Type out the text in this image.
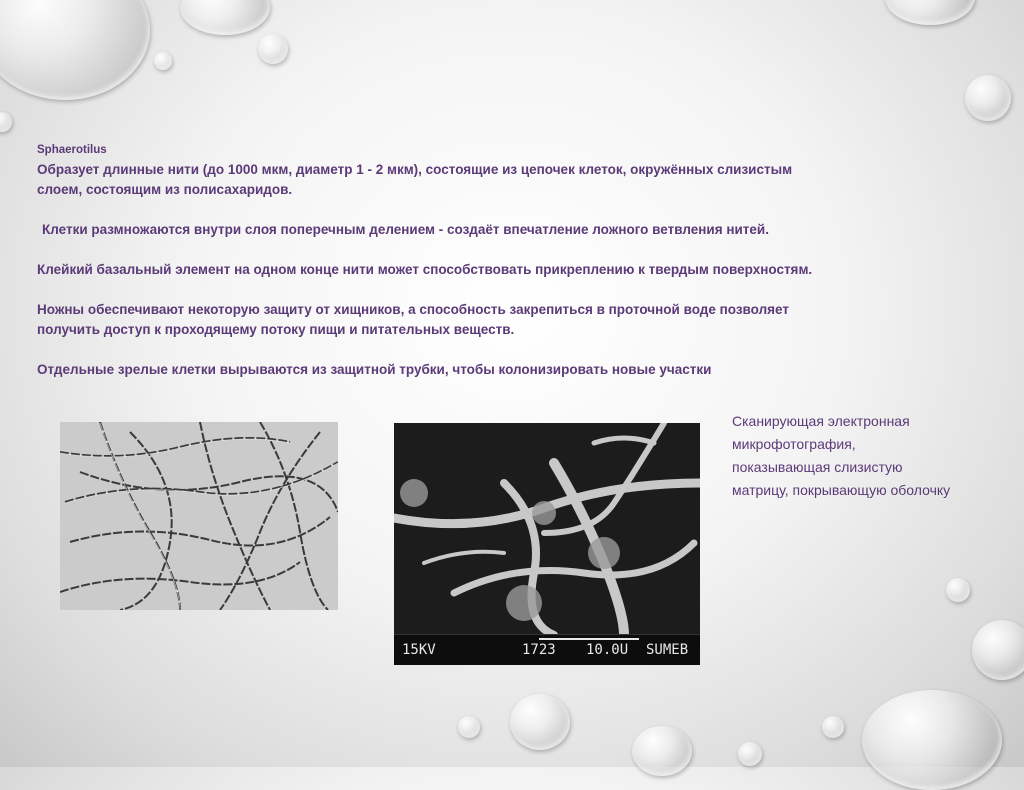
Sphaerotilus

Образует длинные нити (до 1000 мкм, диаметр 1 - 2 мкм), состоящие из цепочек клеток, окружённых слизистым

слоем, состоящим из полисахаридов.

Клетки размножаются внутри слоя поперечным делением - создаёт впечатление ложного ветвления нитей.

Клейкий базальный элемент на одном конце нити может способствовать прикреплению к твердым поверхностям.

Ножны обеспечивают некоторую защиту от хищников, а способность закрепиться в проточной воде позволяет

получить доступ к проходящему потоку пищи и питательных веществ.

Отдельные зрелые клетки вырываются из защитной трубки, чтобы колонизировать новые участки

15KV	1723 10.0U SUMEB
Сканирующая электронная микрофотография, показывающая слизистую матрицу, покрывающую оболочку
